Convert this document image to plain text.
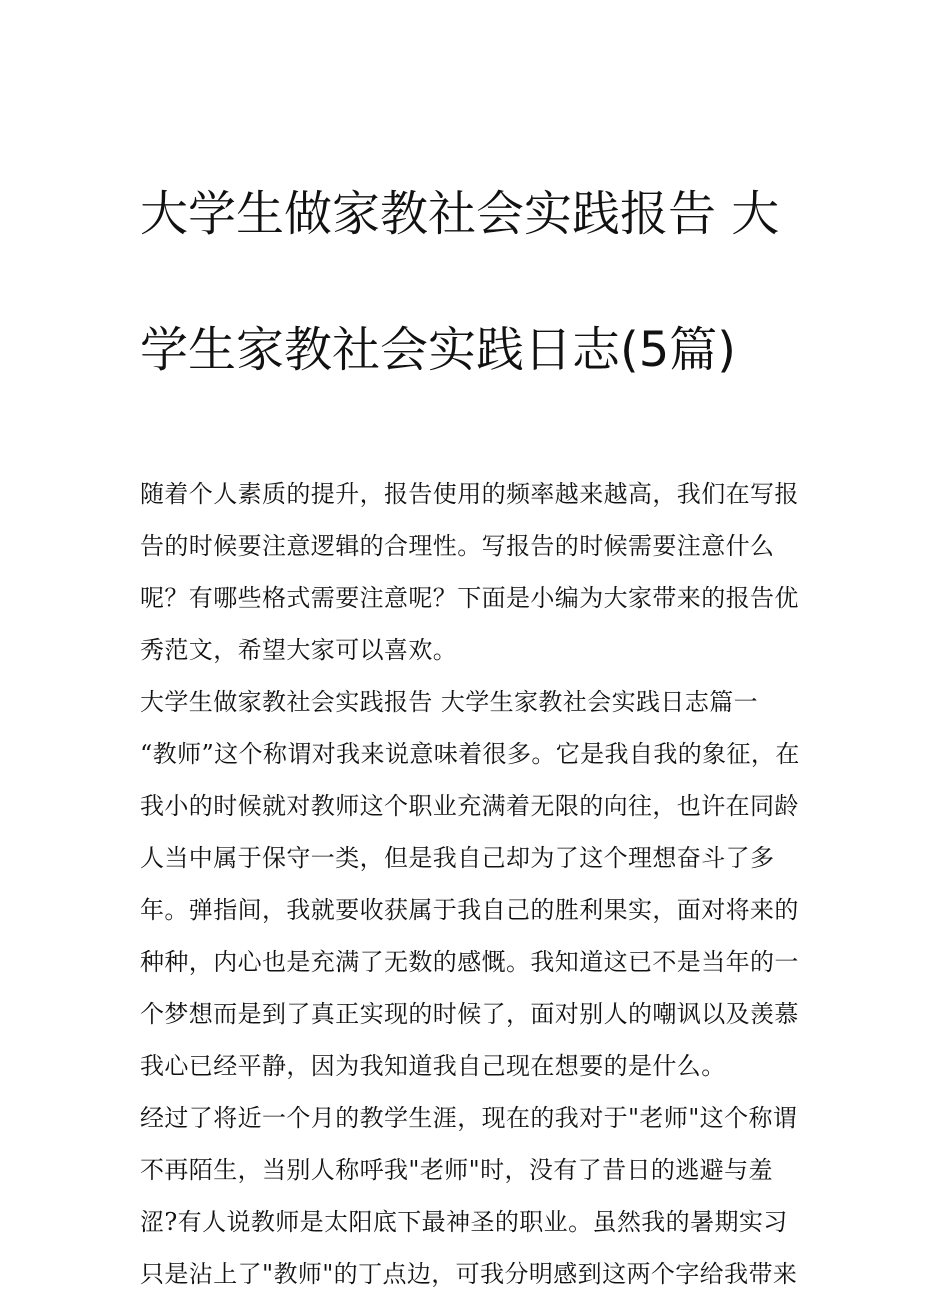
大学生做家教社会实践报告 大

学生家教社会实践日志(5篇)

随着个人素质的提升，报告使用的频率越来越高，我们在写报
告的时候要注意逻辑的合理性。写报告的时候需要注意什么
呢？有哪些格式需要注意呢？下面是小编为大家带来的报告优
秀范文，希望大家可以喜欢。

大学生做家教社会实践报告 大学生家教社会实践日志篇一

“教师”这个称谓对我来说意味着很多。它是我自我的象征，在
我小的时候就对教师这个职业充满着无限的向往，也许在同龄
人当中属于保守一类，但是我自己却为了这个理想奋斗了多
年。弹指间，我就要收获属于我自己的胜利果实，面对将来的
种种，内心也是充满了无数的感慨。我知道这已不是当年的一
个梦想而是到了真正实现的时候了，面对别人的嘲讽以及羡慕
我心已经平静，因为我知道我自己现在想要的是什么。

经过了将近一个月的教学生涯，现在的我对于"老师"这个称谓
不再陌生，当别人称呼我"老师"时，没有了昔日的逃避与羞
涩?有人说教师是太阳底下最神圣的职业。虽然我的暑期实习
只是沾上了"教师"的丁点边，可我分明感到这两个字给我带来
